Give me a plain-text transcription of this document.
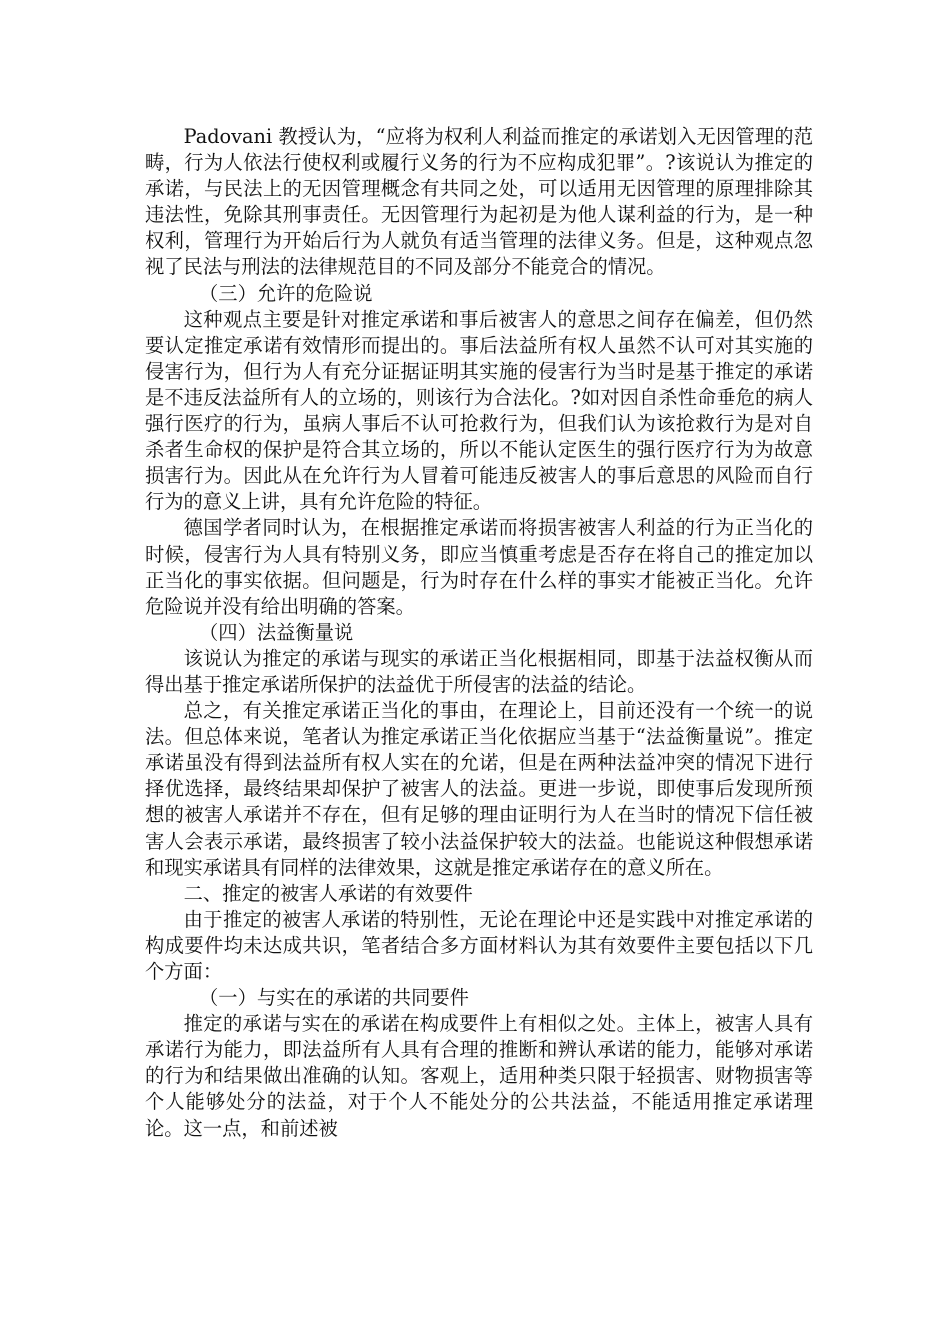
Padovani 教授认为，“应将为权利人利益而推定的承诺划入无因管理的范畴，行为人依法行使权利或履行义务的行为不应构成犯罪”。?该说认为推定的承诺，与民法上的无因管理概念有共同之处，可以适用无因管理的原理排除其违法性，免除其刑事责任。无因管理行为起初是为他人谋利益的行为，是一种权利，管理行为开始后行为人就负有适当管理的法律义务。但是，这种观点忽视了民法与刑法的法律规范目的不同及部分不能竞合的情况。

（三）允许的危险说

这种观点主要是针对推定承诺和事后被害人的意思之间存在偏差，但仍然要认定推定承诺有效情形而提出的。事后法益所有权人虽然不认可对其实施的侵害行为，但行为人有充分证据证明其实施的侵害行为当时是基于推定的承诺是不违反法益所有人的立场的，则该行为合法化。?如对因自杀性命垂危的病人强行医疗的行为，虽病人事后不认可抢救行为，但我们认为该抢救行为是对自杀者生命权的保护是符合其立场的，所以不能认定医生的强行医疗行为为故意损害行为。因此从在允许行为人冒着可能违反被害人的事后意思的风险而自行行为的意义上讲，具有允许危险的特征。

德国学者同时认为，在根据推定承诺而将损害被害人利益的行为正当化的时候，侵害行为人具有特别义务，即应当慎重考虑是否存在将自己的推定加以正当化的事实依据。但问题是，行为时存在什么样的事实才能被正当化。允许危险说并没有给出明确的答案。

（四）法益衡量说

该说认为推定的承诺与现实的承诺正当化根据相同，即基于法益权衡从而得出基于推定承诺所保护的法益优于所侵害的法益的结论。

总之，有关推定承诺正当化的事由，在理论上，目前还没有一个统一的说法。但总体来说，笔者认为推定承诺正当化依据应当基于“法益衡量说”。推定承诺虽没有得到法益所有权人实在的允诺，但是在两种法益冲突的情况下进行择优选择，最终结果却保护了被害人的法益。更进一步说，即使事后发现所预想的被害人承诺并不存在，但有足够的理由证明行为人在当时的情况下信任被害人会表示承诺，最终损害了较小法益保护较大的法益。也能说这种假想承诺和现实承诺具有同样的法律效果，这就是推定承诺存在的意义所在。

二、推定的被害人承诺的有效要件

由于推定的被害人承诺的特别性，无论在理论中还是实践中对推定承诺的构成要件均未达成共识，笔者结合多方面材料认为其有效要件主要包括以下几个方面：

（一）与实在的承诺的共同要件

推定的承诺与实在的承诺在构成要件上有相似之处。主体上，被害人具有承诺行为能力，即法益所有人具有合理的推断和辨认承诺的能力，能够对承诺的行为和结果做出准确的认知。客观上，适用种类只限于轻损害、财物损害等个人能够处分的法益，对于个人不能处分的公共法益，不能适用推定承诺理论。这一点，和前述被
